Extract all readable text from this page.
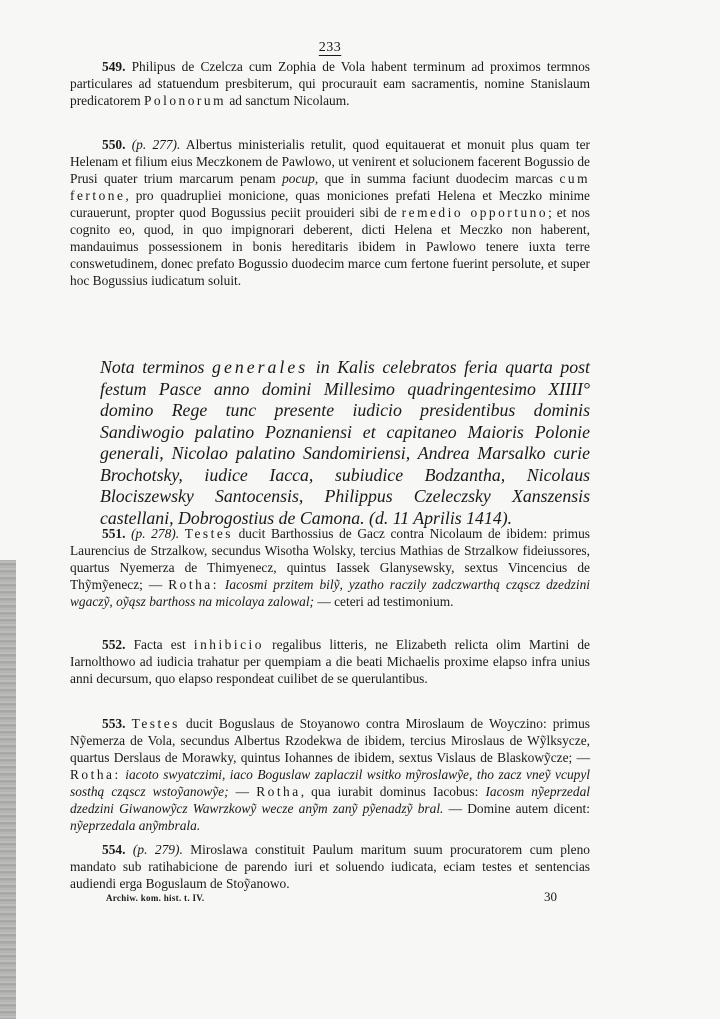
233

549. Philipus de Czelcza cum Zophia de Vola habent terminum ad proximos termnos particulares ad statuendum presbiterum, qui procurauit eam sacramentis, nomine Stanislaum predicatorem Polonorum ad sanctum Nicolaum.

550. (p. 277). Albertus ministerialis retulit, quod equitauerat et monuit plus quam ter Helenam et filium eius Meczkonem de Pawlowo, ut venirent et solucionem facerent Bogussio de Prusi quater trium marcarum penam pocup, que in summa faciunt duodecim marcas cum fertone, pro quadrupliei monicione, quas moniciones prefati Helena et Meczko minime curauerunt, propter quod Bogussius peciit prouideri sibi de remedio opportuno; et nos cognito eo, quod, in quo impignorari deberent, dicti Helena et Meczko non haberent, mandauimus possessionem in bonis hereditaris ibidem in Pawlowo tenere iuxta terre conswetudinem, donec prefato Bogussio duodecim marce cum fertone fuerint persolute, et super hoc Bogussius iudicatum soluit.

Nota terminos generales in Kalis celebratos feria quarta post festum Pasce anno domini Millesimo quadringentesimo XIIII° domino Rege tunc presente iudicio presidentibus dominis Sandiwogio palatino Poznaniensi et capitaneo Maioris Polonie generali, Nicolao palatino Sandomiriensi, Andrea Marsalko curie Brochotsky, iudice Iacca, subiudice Bodzantha, Nicolaus Blociszewsky Santocensis, Philippus Czeleczsky Xanszensis castellani, Dobrogostius de Camona. (d. 11 Aprilis 1414).

551. (p. 278). Testes ducit Barthossius de Gacz contra Nicolaum de ibidem: primus Laurencius de Strzalkow, secundus Wisotha Wolsky, tercius Mathias de Strzalkow fideiussores, quartus Nyemerza de Thimyenecz, quintus Iassek Glanysewsky, sextus Vincencius de Thỹmỹenecz; — Rotha: Iacosmi przitem bilỹ, yzatho raczily zadczwarthą cząscz dzedzini wgaczỹ, oỹąsz barthoss na micolaya zalowal; — ceteri ad testimonium.

552. Facta est inhibicio regalibus litteris, ne Elizabeth relicta olim Martini de Iarnolthowo ad iudicia trahatur per quempiam a die beati Michaelis proxime elapso infra unius anni decursum, quo elapso respondeat cuilibet de se querulantibus.

553. Testes ducit Boguslaus de Stoyanowo contra Miroslaum de Woyczino: primus Nỹemerza de Vola, secundus Albertus Rzodekwa de ibidem, tercius Miroslaus de Wỹlksycze, quartus Derslaus de Morawky, quintus Iohannes de ibidem, sextus Vislaus de Blaskowỹcze; — Rotha: iacoto swyatczimi, iaco Boguslaw zaplaczil wsitko mỹroslawỹe, tho zacz vneỹ vcupyl sosthą cząscz wstoỹanowỹe; — Rotha, qua iurabit dominus Iacobus: Iacosm nỹeprzedal dzedzini Giwanowỹcz Wawrzkowỹ wecze anỹm zanỹ pỹenadzỹ bral. — Domine autem dicent: nỹeprzedala anỹmbrala.

554. (p. 279). Miroslawa constituit Paulum maritum suum procuratorem cum pleno mandato sub ratihabicione de parendo iuri et soluendo iudicata, eciam testes et sentencias audiendi erga Boguslaum de Stoỹanowo.

Archiw. kom. hist. t. IV.	30
